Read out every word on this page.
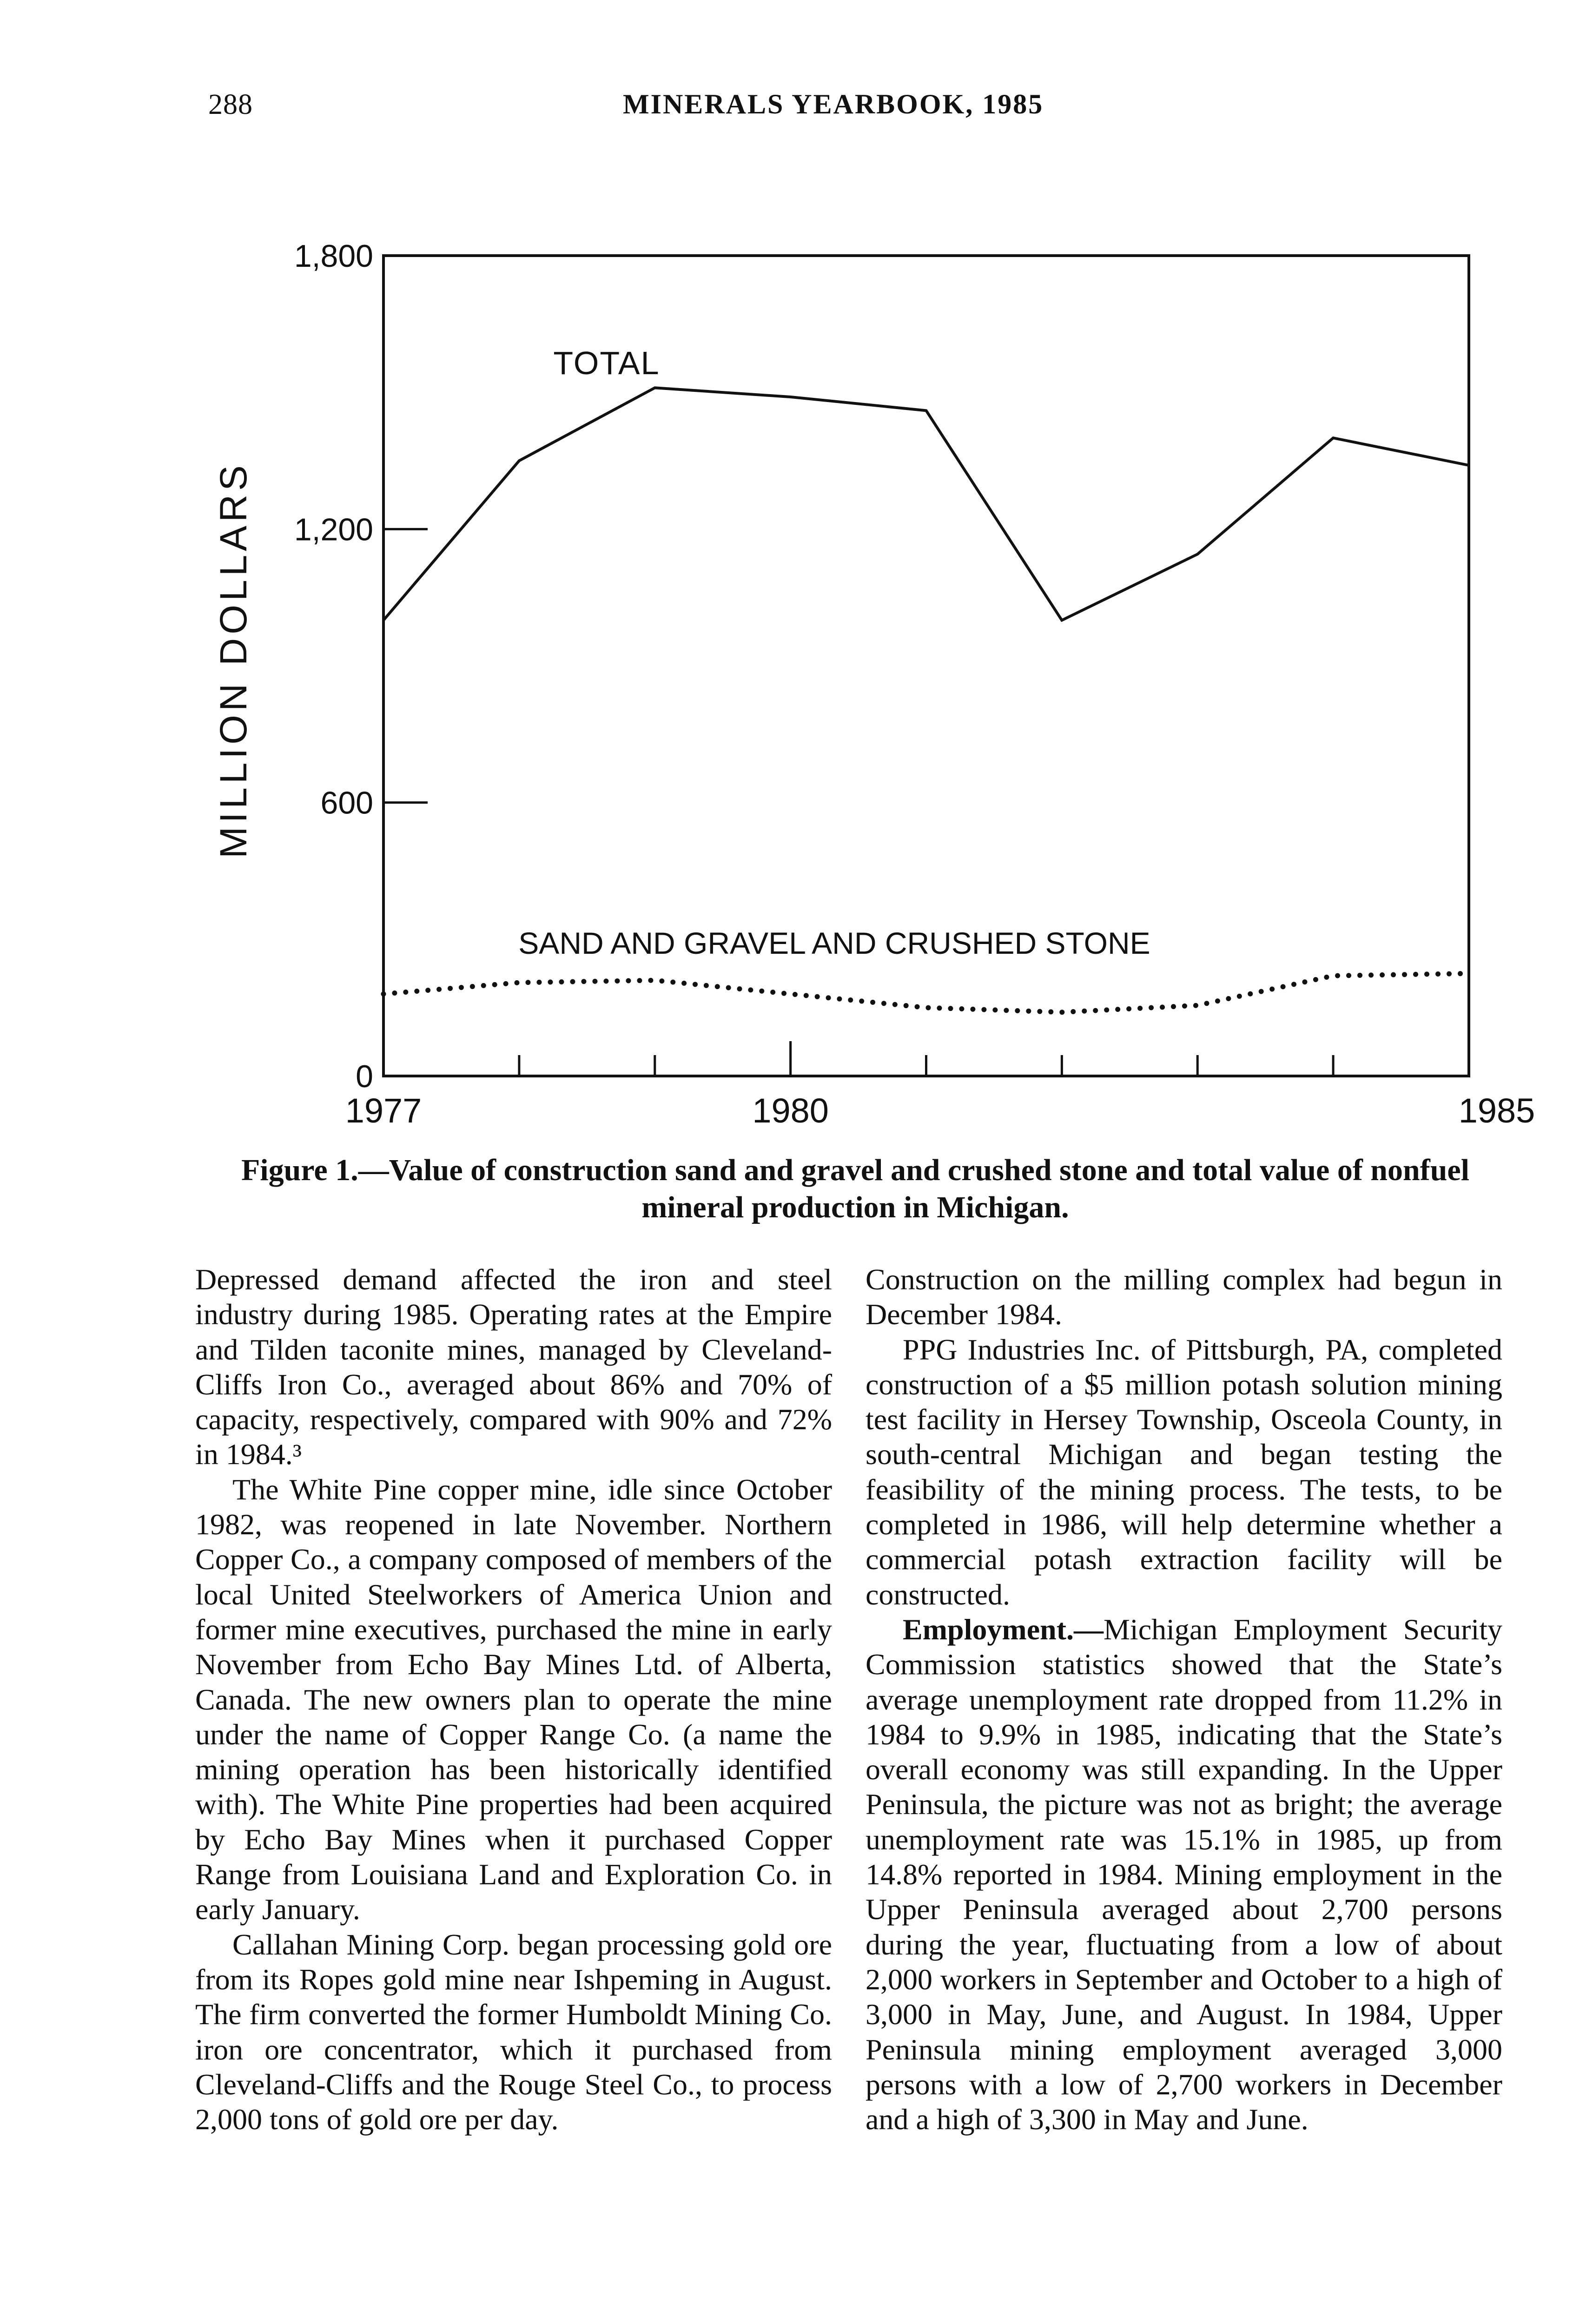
288	MINERALS YEARBOOK, 1985
0
600
1,200
1,800
1977	1980	1985
MILLION DOLLARS
TOTAL
SAND AND GRAVEL AND CRUSHED STONE
Figure 1.—Value of construction sand and gravel and crushed stone and total value of nonfuel mineral production in Michigan.

Depressed demand affected the iron and steel industry during 1985. Operating rates at the Empire and Tilden taconite mines, managed by Cleveland-Cliffs Iron Co., averaged about 86% and 70% of capacity, respectively, compared with 90% and 72% in 1984.³

The White Pine copper mine, idle since October 1982, was reopened in late November. Northern Copper Co., a company composed of members of the local United Steelworkers of America Union and former mine executives, purchased the mine in early November from Echo Bay Mines Ltd. of Alberta, Canada. The new owners plan to operate the mine under the name of Copper Range Co. (a name the mining operation has been historically identified with). The White Pine properties had been acquired by Echo Bay Mines when it purchased Copper Range from Louisiana Land and Exploration Co. in early January.

Callahan Mining Corp. began processing gold ore from its Ropes gold mine near Ishpeming in August. The firm converted the former Humboldt Mining Co. iron ore concentrator, which it purchased from Cleveland-Cliffs and the Rouge Steel Co., to process 2,000 tons of gold ore per day.

Construction on the milling complex had begun in December 1984.

PPG Industries Inc. of Pittsburgh, PA, completed construction of a $5 million potash solution mining test facility in Hersey Township, Osceola County, in south-central Michigan and began testing the feasibility of the mining process. The tests, to be completed in 1986, will help determine whether a commercial potash extraction facility will be constructed.

Employment.—Michigan Employment Security Commission statistics showed that the State’s average unemployment rate dropped from 11.2% in 1984 to 9.9% in 1985, indicating that the State’s overall economy was still expanding. In the Upper Peninsula, the picture was not as bright; the average unemployment rate was 15.1% in 1985, up from 14.8% reported in 1984. Mining employment in the Upper Peninsula averaged about 2,700 persons during the year, fluctuating from a low of about 2,000 workers in September and October to a high of 3,000 in May, June, and August. In 1984, Upper Peninsula mining employment averaged 3,000 persons with a low of 2,700 workers in December and a high of 3,300 in May and June.
